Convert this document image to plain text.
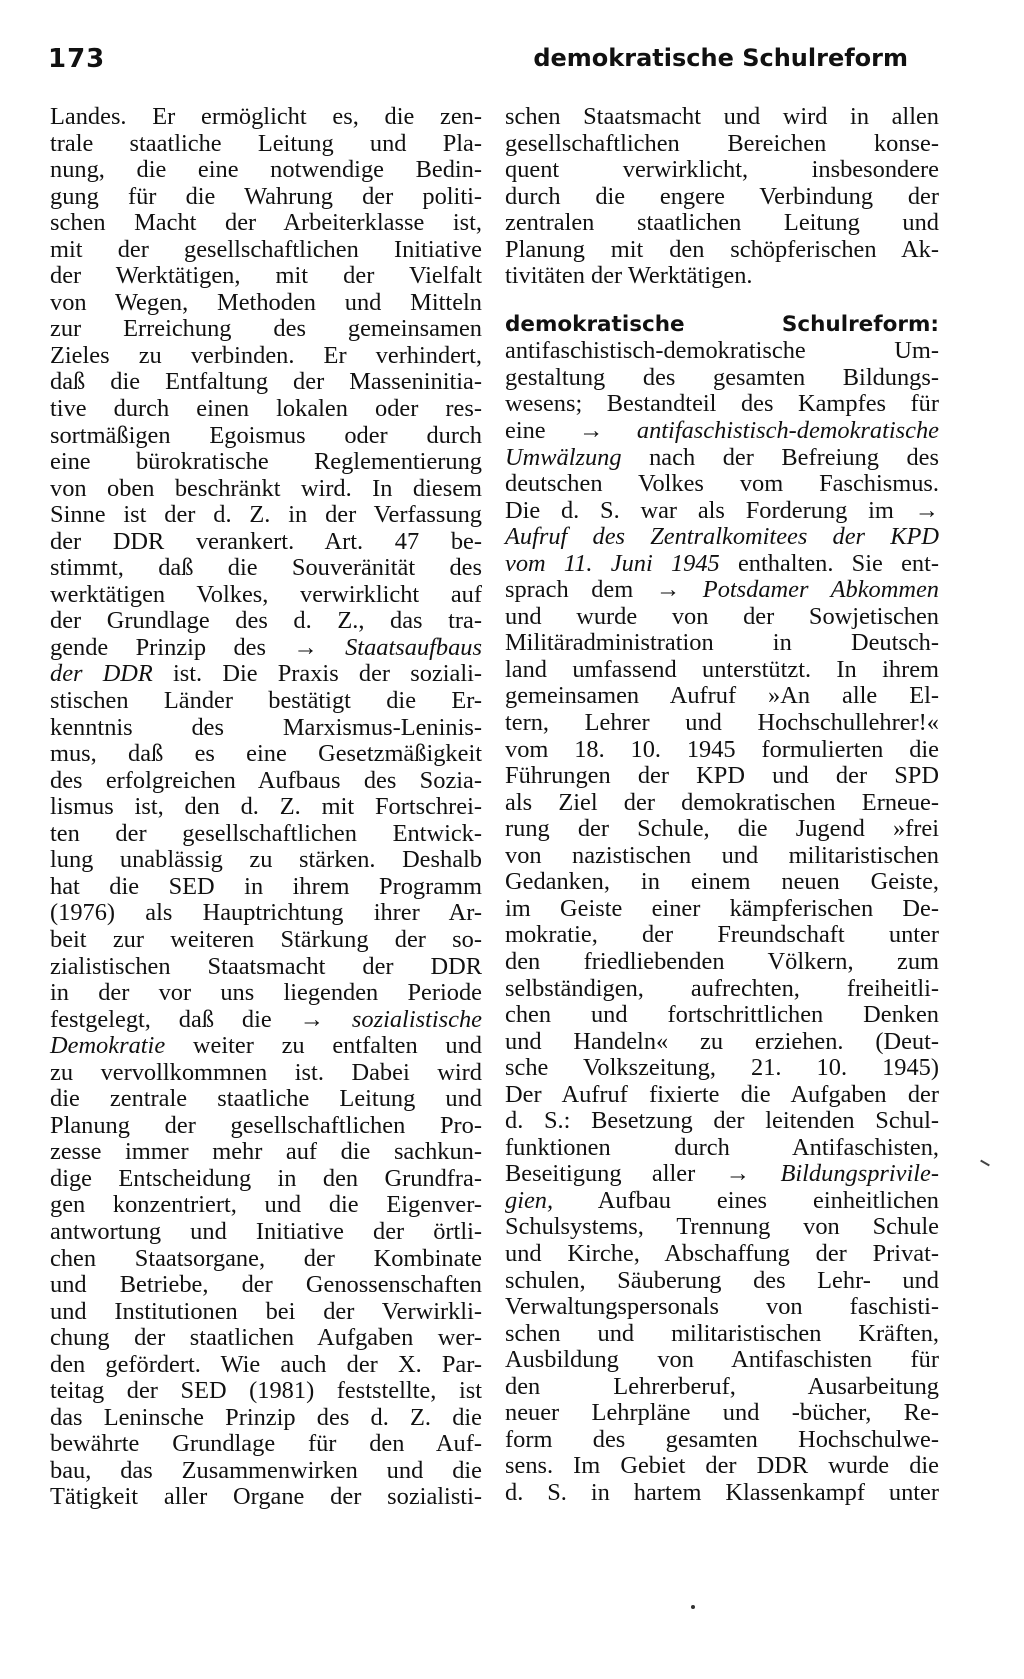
173	demokratische Schulreform
Landes. Er ermöglicht es, die zen-
trale staatliche Leitung und Pla-
nung, die eine notwendige Bedin-
gung für die Wahrung der politi-
schen Macht der Arbeiterklasse ist,
mit der gesellschaftlichen Initiative
der Werktätigen, mit der Vielfalt
von Wegen, Methoden und Mitteln
zur Erreichung des gemeinsamen
Zieles zu verbinden. Er verhindert,
daß die Entfaltung der Masseninitia-
tive durch einen lokalen oder res-
sortmäßigen Egoismus oder durch
eine bürokratische Reglementierung
von oben beschränkt wird. In diesem
Sinne ist der d. Z. in der Verfassung
der DDR verankert. Art. 47 be-
stimmt, daß die Souveränität des
werktätigen Volkes, verwirklicht auf
der Grundlage des d. Z., das tra-
gende Prinzip des → Staatsaufbaus
der DDR ist. Die Praxis der soziali-
stischen Länder bestätigt die Er-
kenntnis des Marxismus-Leninis-
mus, daß es eine Gesetzmäßigkeit
des erfolgreichen Aufbaus des Sozia-
lismus ist, den d. Z. mit Fortschrei-
ten der gesellschaftlichen Entwick-
lung unablässig zu stärken. Deshalb
hat die SED in ihrem Programm
(1976) als Hauptrichtung ihrer Ar-
beit zur weiteren Stärkung der so-
zialistischen Staatsmacht der DDR
in der vor uns liegenden Periode
festgelegt, daß die → sozialistische
Demokratie weiter zu entfalten und
zu vervollkommnen ist. Dabei wird
die zentrale staatliche Leitung und
Planung der gesellschaftlichen Pro-
zesse immer mehr auf die sachkun-
dige Entscheidung in den Grundfra-
gen konzentriert, und die Eigenver-
antwortung und Initiative der örtli-
chen Staatsorgane, der Kombinate
und Betriebe, der Genossenschaften
und Institutionen bei der Verwirkli-
chung der staatlichen Aufgaben wer-
den gefördert. Wie auch der X. Par-
teitag der SED (1981) feststellte, ist
das Leninsche Prinzip des d. Z. die
bewährte Grundlage für den Auf-
bau, das Zusammenwirken und die
Tätigkeit aller Organe der sozialisti-
schen Staatsmacht und wird in allen
gesellschaftlichen Bereichen konse-
quent verwirklicht, insbesondere
durch die engere Verbindung der
zentralen staatlichen Leitung und
Planung mit den schöpferischen Ak-
tivitäten der Werktätigen.
demokratische Schulreform:
antifaschistisch-demokratische Um-
gestaltung des gesamten Bildungs-
wesens; Bestandteil des Kampfes für
eine → antifaschistisch-demokratische
Umwälzung nach der Befreiung des
deutschen Volkes vom Faschismus.
Die d. S. war als Forderung im →
Aufruf des Zentralkomitees der KPD
vom 11. Juni 1945 enthalten. Sie ent-
sprach dem → Potsdamer Abkommen
und wurde von der Sowjetischen
Militäradministration in Deutsch-
land umfassend unterstützt. In ihrem
gemeinsamen Aufruf »An alle El-
tern, Lehrer und Hochschullehrer!«
vom 18. 10. 1945 formulierten die
Führungen der KPD und der SPD
als Ziel der demokratischen Erneue-
rung der Schule, die Jugend »frei
von nazistischen und militaristischen
Gedanken, in einem neuen Geiste,
im Geiste einer kämpferischen De-
mokratie, der Freundschaft unter
den friedliebenden Völkern, zum
selbständigen, aufrechten, freiheitli-
chen und fortschrittlichen Denken
und Handeln« zu erziehen. (Deut-
sche Volkszeitung, 21. 10. 1945)
Der Aufruf fixierte die Aufgaben der
d. S.: Besetzung der leitenden Schul-
funktionen durch Antifaschisten,
Beseitigung aller → Bildungsprivile-
gien, Aufbau eines einheitlichen
Schulsystems, Trennung von Schule
und Kirche, Abschaffung der Privat-
schulen, Säuberung des Lehr- und
Verwaltungspersonals von faschisti-
schen und militaristischen Kräften,
Ausbildung von Antifaschisten für
den Lehrerberuf, Ausarbeitung
neuer Lehrpläne und -bücher, Re-
form des gesamten Hochschulwe-
sens. Im Gebiet der DDR wurde die
d. S. in hartem Klassenkampf unter
